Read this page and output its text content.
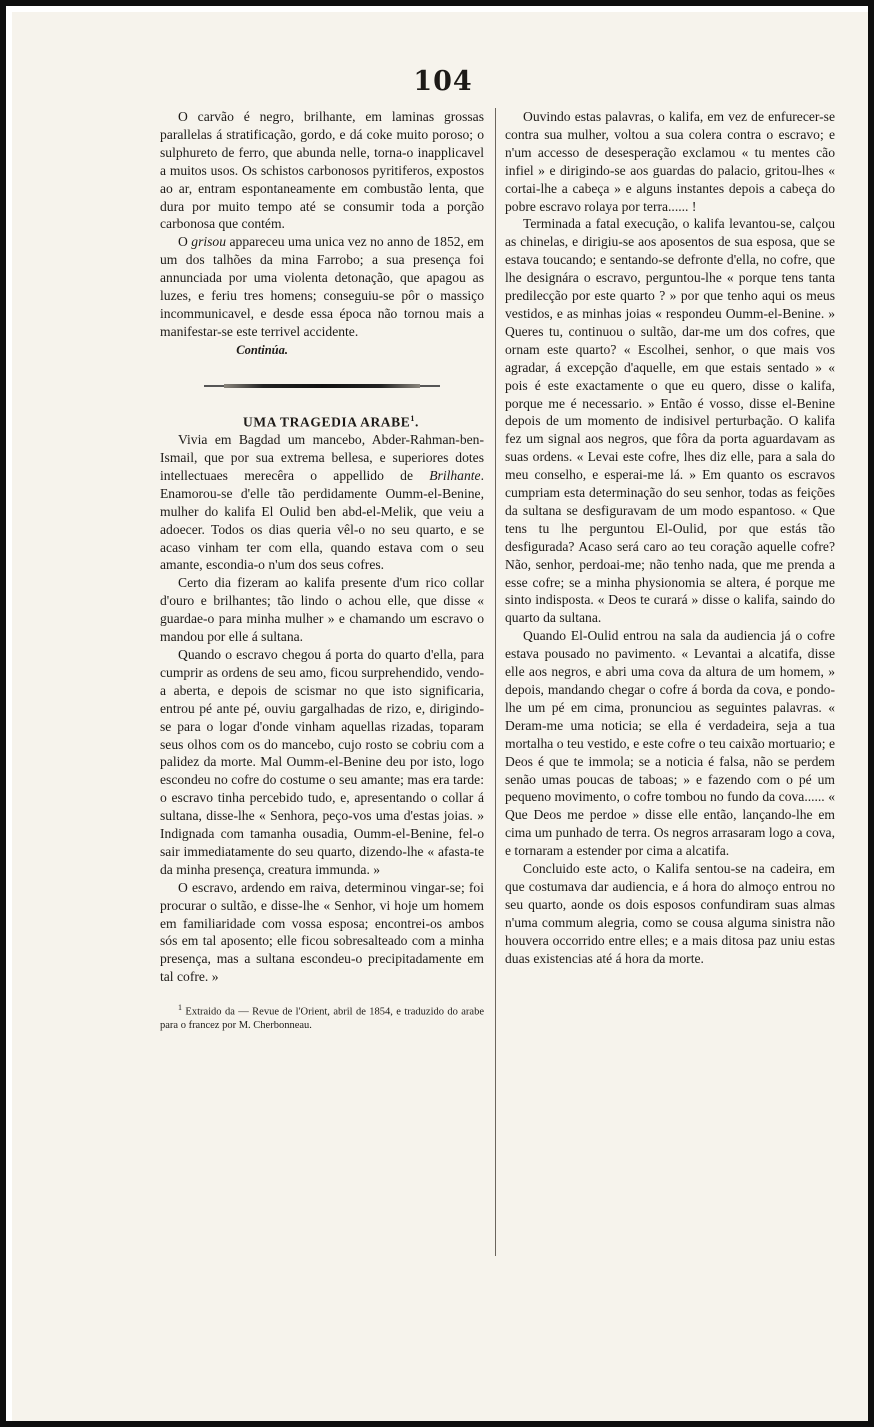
104

O carvão é negro, brilhante, em laminas grossas parallelas á stratificação, gordo, e dá coke muito poroso; o sulphureto de ferro, que abunda nelle, torna-o inapplicavel a muitos usos. Os schistos carbonosos pyritiferos, expostos ao ar, entram espontaneamente em combustão lenta, que dura por muito tempo até se consumir toda a porção carbonosa que contém.

O grisou appareceu uma unica vez no anno de 1852, em um dos talhões da mina Farrobo; a sua presença foi annunciada por uma violenta detonação, que apagou as luzes, e feriu tres homens; conseguiu-se pôr o massiço incommunicavel, e desde essa época não tornou mais a manifestar-se este terrivel accidente.

Continúa.

UMA TRAGEDIA ARABE$^1$.

Vivia em Bagdad um mancebo, Abder-Rahman-ben-Ismail, que por sua extrema bellesa, e superiores dotes intellectuaes merecêra o appellido de Brilhante. Enamorou-se d'elle tão perdidamente Oumm-el-Benine, mulher do kalifa El Oulid ben abd-el-Melik, que veiu a adoecer. Todos os dias queria vêl-o no seu quarto, e se acaso vinham ter com ella, quando estava com o seu amante, escondia-o n'um dos seus cofres.

Certo dia fizeram ao kalifa presente d'um rico collar d'ouro e brilhantes; tão lindo o achou elle, que disse « guardae-o para minha mulher » e chamando um escravo o mandou por elle á sultana.

Quando o escravo chegou á porta do quarto d'ella, para cumprir as ordens de seu amo, ficou surprehendido, vendo-a aberta, e depois de scismar no que isto significaria, entrou pé ante pé, ouviu gargalhadas de rizo, e, dirigindo-se para o logar d'onde vinham aquellas rizadas, toparam seus olhos com os do mancebo, cujo rosto se cobriu com a palidez da morte. Mal Oumm-el-Benine deu por isto, logo escondeu no cofre do costume o seu amante; mas era tarde: o escravo tinha percebido tudo, e, apresentando o collar á sultana, disse-lhe « Senhora, peço-vos uma d'estas joias. » Indignada com tamanha ousadia, Oumm-el-Benine, fel-o sair immediatamente do seu quarto, dizendo-lhe « afasta-te da minha presença, creatura immunda. »

O escravo, ardendo em raiva, determinou vingar-se; foi procurar o sultão, e disse-lhe « Senhor, vi hoje um homem em familiaridade com vossa esposa; encontrei-os ambos sós em tal aposento; elle ficou sobresalteado com a minha presença, mas a sultana escondeu-o precipitadamente em tal cofre. »

$^1$ Extraido da — Revue de l'Orient, abril de 1854, e traduzido do arabe para o francez por M. Cherbonneau.

Ouvindo estas palavras, o kalifa, em vez de enfurecer-se contra sua mulher, voltou a sua colera contra o escravo; e n'um accesso de desesperação exclamou « tu mentes cão infiel » e dirigindo-se aos guardas do palacio, gritou-lhes « cortai-lhe a cabeça » e alguns instantes depois a cabeça do pobre escravo rolaya por terra...... !

Terminada a fatal execução, o kalifa levantou-se, calçou as chinelas, e dirigiu-se aos aposentos de sua esposa, que se estava toucando; e sentando-se defronte d'ella, no cofre, que lhe designára o escravo, perguntou-lhe « porque tens tanta predilecção por este quarto ? » por que tenho aqui os meus vestidos, e as minhas joias « respondeu Oumm-el-Benine. » Queres tu, continuou o sultão, dar-me um dos cofres, que ornam este quarto? « Escolhei, senhor, o que mais vos agradar, á excepção d'aquelle, em que estais sentado » « pois é este exactamente o que eu quero, disse o kalifa, porque me é necessario. » Então é vosso, disse el-Benine depois de um momento de indisivel perturbação. O kalifa fez um signal aos negros, que fôra da porta aguardavam as suas ordens. « Levai este cofre, lhes diz elle, para a sala do meu conselho, e esperai-me lá. » Em quanto os escravos cumpriam esta determinação do seu senhor, todas as feições da sultana se desfiguravam de um modo espantoso. « Que tens tu lhe perguntou El-Oulid, por que estás tão desfigurada? Acaso será caro ao teu coração aquelle cofre? Não, senhor, perdoai-me; não tenho nada, que me prenda a esse cofre; se a minha physionomia se altera, é porque me sinto indisposta. « Deos te curará » disse o kalifa, saindo do quarto da sultana.

Quando El-Oulid entrou na sala da audiencia já o cofre estava pousado no pavimento. « Levantai a alcatifa, disse elle aos negros, e abri uma cova da altura de um homem, » depois, mandando chegar o cofre á borda da cova, e pondo-lhe um pé em cima, pronunciou as seguintes palavras. « Deram-me uma noticia; se ella é verdadeira, seja a tua mortalha o teu vestido, e este cofre o teu caixão mortuario; e Deos é que te immola; se a noticia é falsa, não se perdem senão umas poucas de taboas; » e fazendo com o pé um pequeno movimento, o cofre tombou no fundo da cova...... « Que Deos me perdoe » disse elle então, lançando-lhe em cima um punhado de terra. Os negros arrasaram logo a cova, e tornaram a estender por cima a alcatifa.

Concluido este acto, o Kalifa sentou-se na cadeira, em que costumava dar audiencia, e á hora do almoço entrou no seu quarto, aonde os dois esposos confundiram suas almas n'uma commum alegria, como se cousa alguma sinistra não houvera occorrido entre elles; e a mais ditosa paz uniu estas duas existencias até á hora da morte.
